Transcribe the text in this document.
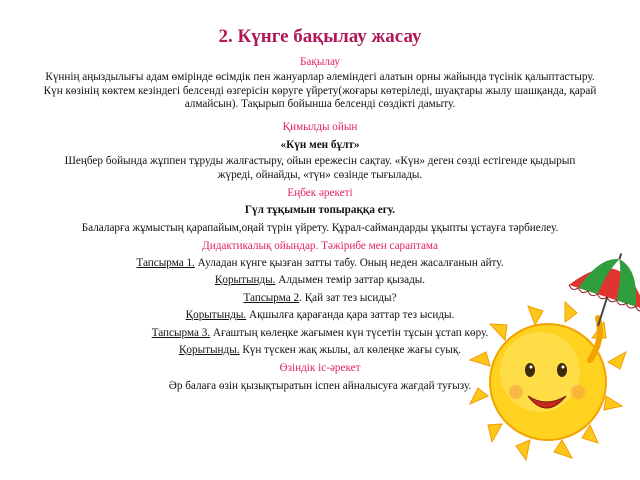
2. Күнге бақылау жасау
Бақылау
Күннің аңыздылығы адам өмірінде өсімдік пен жануарлар әлеміндегі алатын орны жайында түсінік қалыптастыру. Күн көзінің көктем кезіндегі белсенді өзгерісін көруге үйрету(жоғары көтеріледі, шуақтары жылу шашқанда, қарай алмайсын). Тақырып бойынша белсенді сөздікті дамыту.
Қимылды ойын
«Күн мен бұлт»
Шеңбер бойында жұппен тұруды жалғастыру, ойын ережесін сақтау. «Күн» деген сөзді естігенде қыдырып жүреді, ойнайды, «түн» сөзінде тығылады.
Еңбек әрекеті
Гүл тұқымын топыраққа егу.
Балаларға жұмыстың қарапайым,оңай түрін үйрету. Құрал-саймандарды ұқыпты ұстауға тәрбиелеу.
Дидактикалық ойындар. Тәжірибе мен сараптама
Тапсырма 1. Ауладан күнге қызған затты табу. Оның неден жасалғанын айту.
Қорытынды. Алдымен темір заттар қызады.
Тапсырма 2. Қай зат тез ысиды?
Қорытынды. Ақшылға қарағанда қара заттар тез ысиды.
Тапсырма 3. Ағаштың көлеңке жағымен күн түсетін тұсын ұстап көру.
Қорытынды. Күн түскен жақ жылы, ал көлеңке жағы суық.
Өзіндік іс-әрекет
Әр балаға өзін қызықтыратын іспен айналысуға жағдай туғызу.
